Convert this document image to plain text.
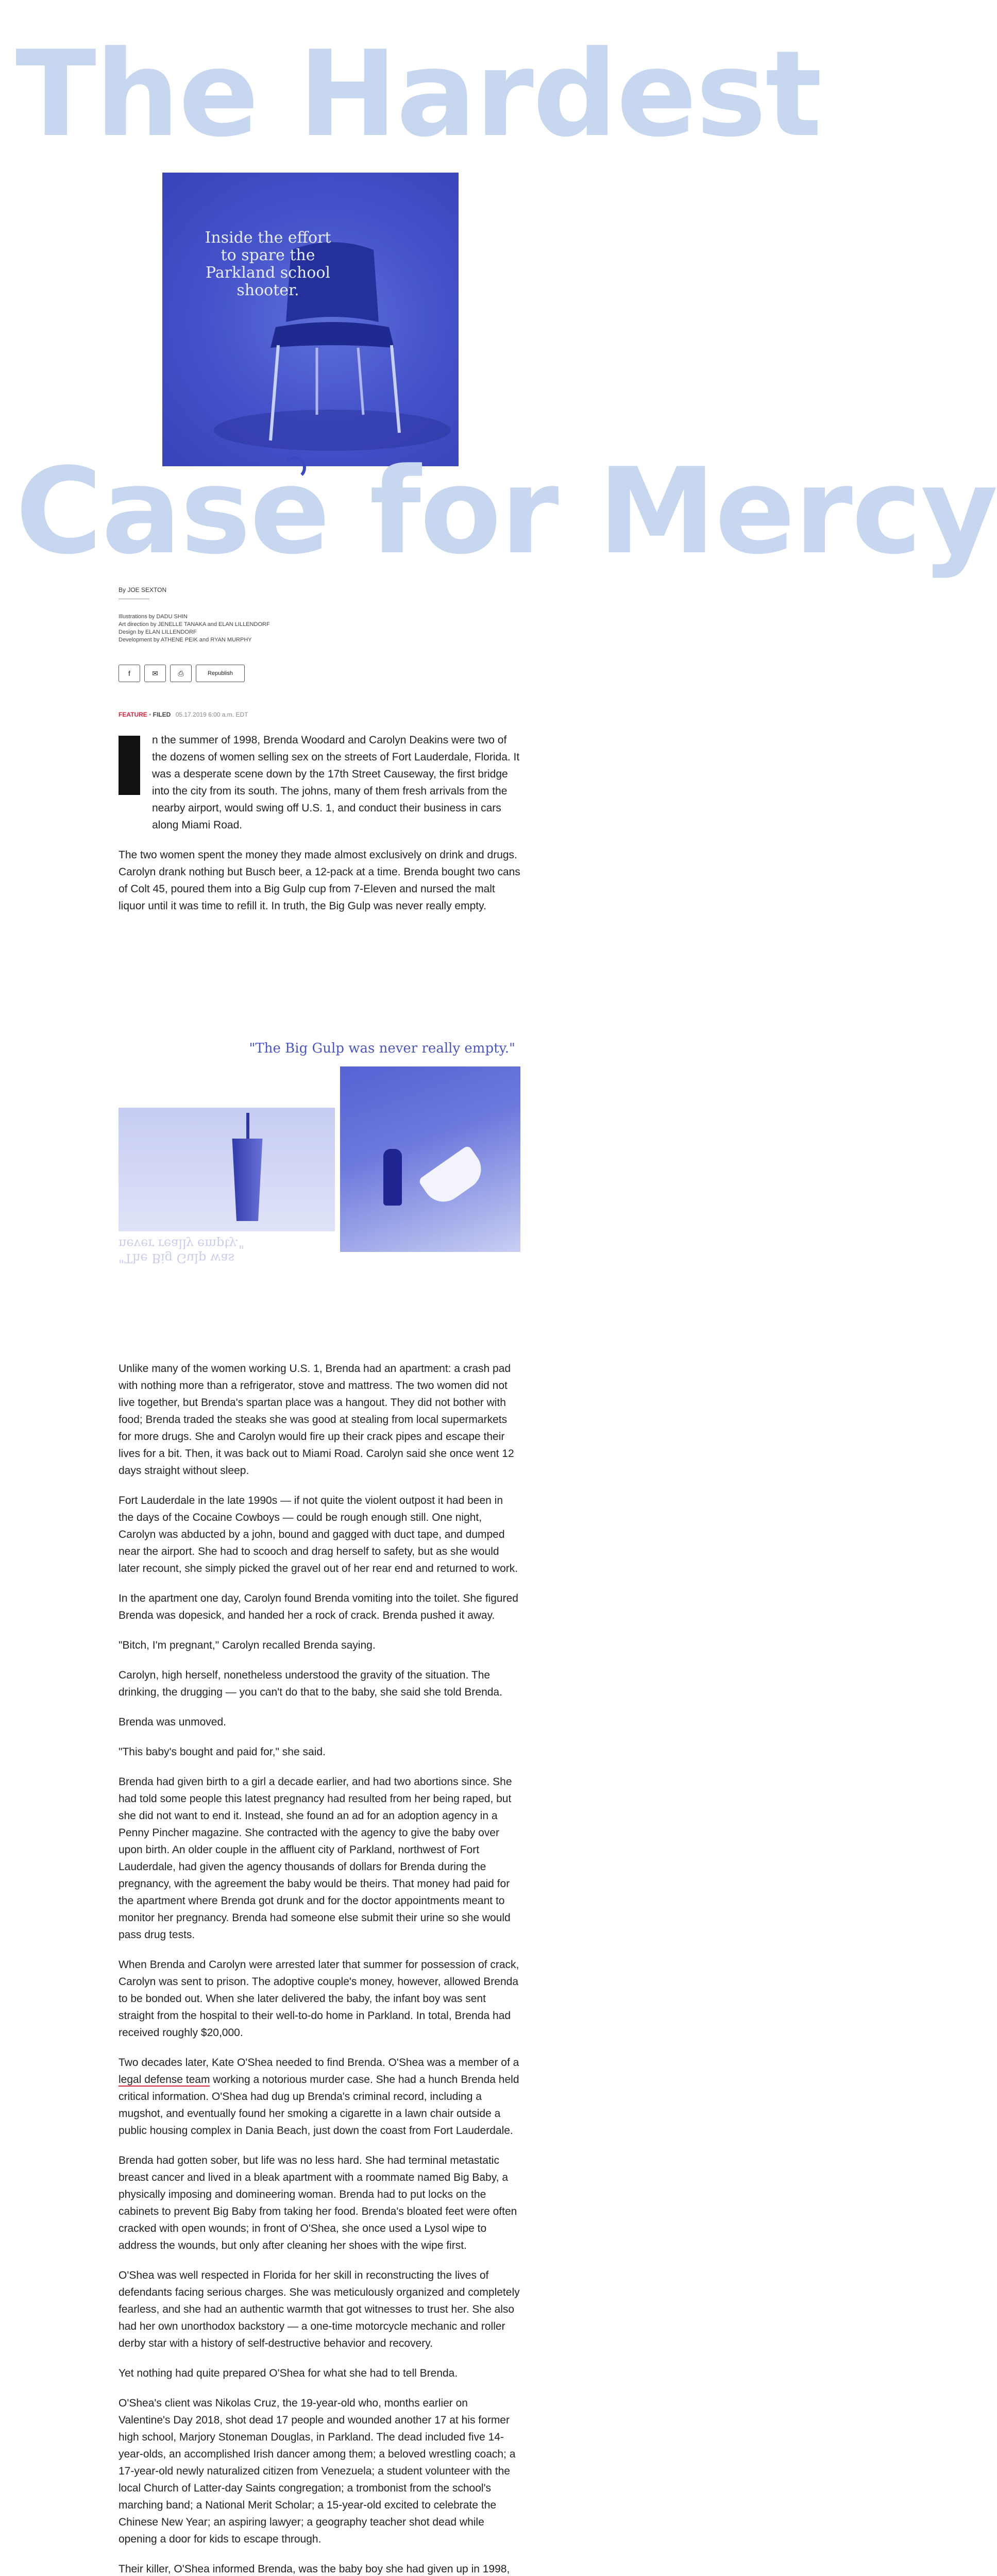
The Hardest
Inside the effort to spare the Parkland school shooter.
Case for Mercy
By JOE SEXTON
Illustrations by DADU SHIN
Art direction by JENELLE TANAKA and ELAN LILLENDORF
Design by ELAN LILLENDORF
Development by ATHENE PEIK and RYAN MURPHY
f	✉	⎙	Republish
FEATURE • FILED 05.17.2019 6:00 a.m. EDT

n the summer of 1998, Brenda Woodard and Carolyn Deakins were two of the dozens of women selling sex on the streets of Fort Lauderdale, Florida. It was a desperate scene down by the 17th Street Causeway, the first bridge into the city from its south. The johns, many of them fresh arrivals from the nearby airport, would swing off U.S. 1, and conduct their business in cars along Miami Road.

The two women spent the money they made almost exclusively on drink and drugs. Carolyn drank nothing but Busch beer, a 12-pack at a time. Brenda bought two cans of Colt 45, poured them into a Big Gulp cup from 7-Eleven and nursed the malt liquor until it was time to refill it. In truth, the Big Gulp was never really empty.

"The Big Gulp was never really empty."
"The Big Gulp was never really empty."

Unlike many of the women working U.S. 1, Brenda had an apartment: a crash pad with nothing more than a refrigerator, stove and mattress. The two women did not live together, but Brenda's spartan place was a hangout. They did not bother with food; Brenda traded the steaks she was good at stealing from local supermarkets for more drugs. She and Carolyn would fire up their crack pipes and escape their lives for a bit. Then, it was back out to Miami Road. Carolyn said she once went 12 days straight without sleep.

Fort Lauderdale in the late 1990s — if not quite the violent outpost it had been in the days of the Cocaine Cowboys — could be rough enough still. One night, Carolyn was abducted by a john, bound and gagged with duct tape, and dumped near the airport. She had to scooch and drag herself to safety, but as she would later recount, she simply picked the gravel out of her rear end and returned to work.

In the apartment one day, Carolyn found Brenda vomiting into the toilet. She figured Brenda was dopesick, and handed her a rock of crack. Brenda pushed it away.

"Bitch, I'm pregnant," Carolyn recalled Brenda saying.

Carolyn, high herself, nonetheless understood the gravity of the situation. The drinking, the drugging — you can't do that to the baby, she said she told Brenda.

Brenda was unmoved.

"This baby's bought and paid for," she said.

Brenda had given birth to a girl a decade earlier, and had two abortions since. She had told some people this latest pregnancy had resulted from her being raped, but she did not want to end it. Instead, she found an ad for an adoption agency in a Penny Pincher magazine. She contracted with the agency to give the baby over upon birth. An older couple in the affluent city of Parkland, northwest of Fort Lauderdale, had given the agency thousands of dollars for Brenda during the pregnancy, with the agreement the baby would be theirs. That money had paid for the apartment where Brenda got drunk and for the doctor appointments meant to monitor her pregnancy. Brenda had someone else submit their urine so she would pass drug tests.

When Brenda and Carolyn were arrested later that summer for possession of crack, Carolyn was sent to prison. The adoptive couple's money, however, allowed Brenda to be bonded out. When she later delivered the baby, the infant boy was sent straight from the hospital to their well-to-do home in Parkland. In total, Brenda had received roughly $20,000.

Two decades later, Kate O'Shea needed to find Brenda. O'Shea was a member of a legal defense team working a notorious murder case. She had a hunch Brenda held critical information. O'Shea had dug up Brenda's criminal record, including a mugshot, and eventually found her smoking a cigarette in a lawn chair outside a public housing complex in Dania Beach, just down the coast from Fort Lauderdale.

Brenda had gotten sober, but life was no less hard. She had terminal metastatic breast cancer and lived in a bleak apartment with a roommate named Big Baby, a physically imposing and domineering woman. Brenda had to put locks on the cabinets to prevent Big Baby from taking her food. Brenda's bloated feet were often cracked with open wounds; in front of O'Shea, she once used a Lysol wipe to address the wounds, but only after cleaning her shoes with the wipe first.

O'Shea was well respected in Florida for her skill in reconstructing the lives of defendants facing serious charges. She was meticulously organized and completely fearless, and she had an authentic warmth that got witnesses to trust her. She also had her own unorthodox backstory — a one-time motorcycle mechanic and roller derby star with a history of self-destructive behavior and recovery.

Yet nothing had quite prepared O'Shea for what she had to tell Brenda.

O'Shea's client was Nikolas Cruz, the 19-year-old who, months earlier on Valentine's Day 2018, shot dead 17 people and wounded another 17 at his former high school, Marjory Stoneman Douglas, in Parkland. The dead included five 14-year-olds, an accomplished Irish dancer among them; a beloved wrestling coach; a 17-year-old newly naturalized citizen from Venezuela; a student volunteer with the local Church of Latter-day Saints congregation; a trombonist from the school's marching band; a National Merit Scholar; a 15-year-old excited to celebrate the Chinese New Year; an aspiring lawyer; a geography teacher shot dead while opening a door for kids to escape through.

Their killer, O'Shea informed Brenda, was the baby boy she had given up in 1998,
